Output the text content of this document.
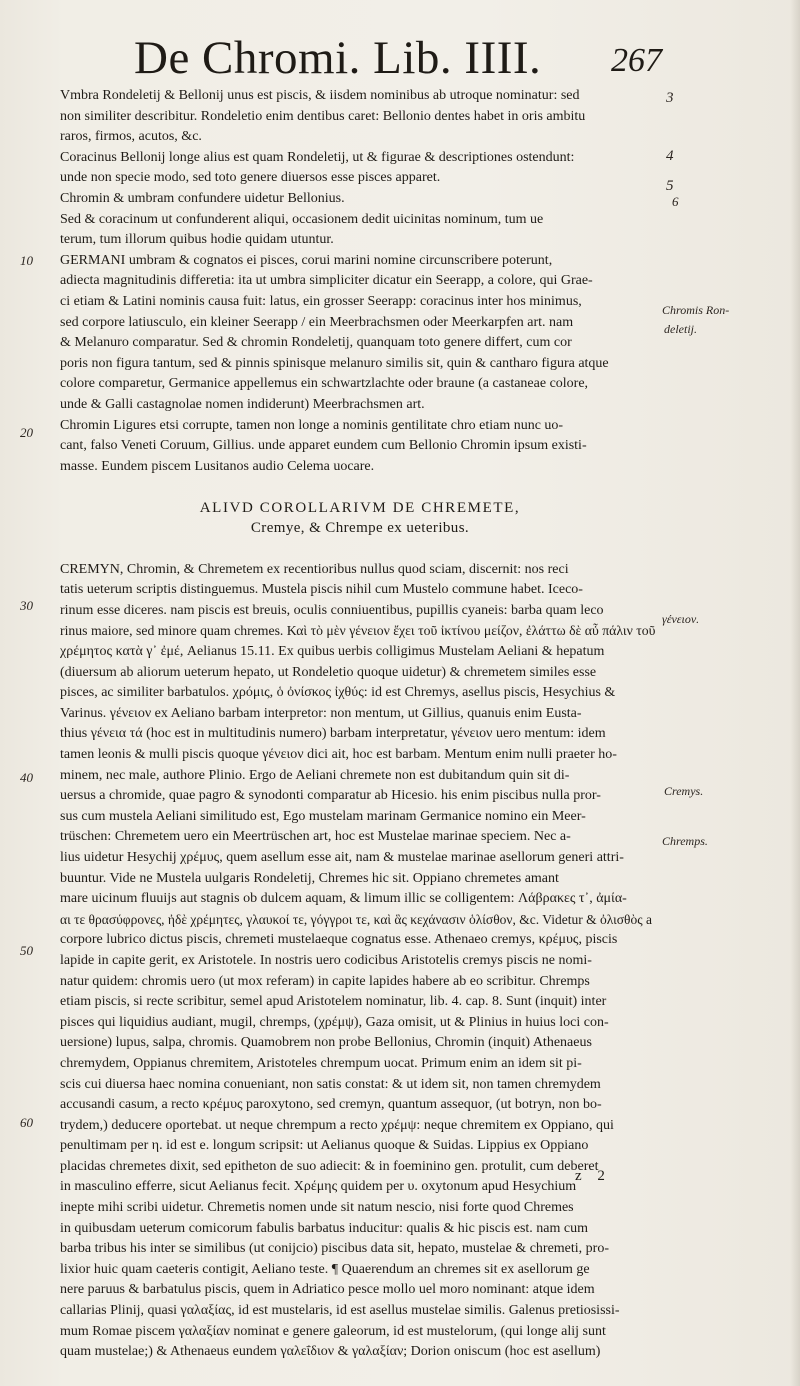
De Chromi. Lib. IIII. 267
Vmbra Rondeletij & Bellonij unus est piscis, & iisdem nominibus ab utroque nominatur: sed
non similiter describitur. Rondeletio enim dentibus caret: Bellonio dentes habet in oris ambitu
raros, firmos, acutos, &c.
Coracinus Bellonij longe alius est quam Rondeletij, ut & figurae & descriptiones ostendunt:
unde non specie modo, sed toto genere diuersos esse pisces apparet.
Chromin & umbram confundere uidetur Bellonius.
Sed & coracinum ut confunderent aliqui, occasionem dedit uicinitas nominum, tum ue
terum, tum illorum quibus hodie quidam utuntur.
GERMANI umbram & cognatos ei pisces, corui marini nomine circunscribere poterunt,
adiecta magnitudinis differetia: ita ut umbra simpliciter dicatur ein Seerapp, a colore, qui Grae-
ci etiam & Latini nominis causa fuit: latus, ein grosser Seerapp: coracinus inter hos minimus,
sed corpore latiusculo, ein kleiner Seerapp / ein Meerbrachsmen oder Meerkarpfen art. nam
& Melanuro comparatur. Sed & chromin Rondeletij, quanquam toto genere differt, cum cor
poris non figura tantum, sed & pinnis spinisque melanuro similis sit, quin & cantharo figura atque
colore comparetur, Germanice appellemus ein schwartzlachte oder braune (a castaneae colore,
unde & Galli castagnolae nomen indiderunt) Meerbrachsmen art.
Chromin Ligures etsi corrupte, tamen non longe a nominis gentilitate chro etiam nunc uo-
cant, falso Veneti Coruum, Gillius. unde apparet eundem cum Bellonio Chromin ipsum existi-
masse. Eundem piscem Lusitanos audio Celema uocare.
ALIVD COROLLARIVM DE CHREMETE,
Cremye, & Chrempe ex ueteribus.
CREMYN, Chromin, & Chremetem ex recentioribus nullus quod sciam, discernit: nos reci
tatis ueterum scriptis distinguemus. Mustela piscis nihil cum Mustelo commune habet. Iceco-
rinum esse diceres. nam piscis est breuis, oculis conniuentibus, pupillis cyaneis: barba quam leco
rinus maiore, sed minore quam chremes. Καὶ τὸ μὲν γένειον ἔχει τοῦ ἰκτίνου μείζον, ἐλάττω δὲ αὖ πάλιν τοῦ
χρέμητος κατὰ γ᾽ ἐμέ, Aelianus 15.11. Ex quibus uerbis colligimus Mustelam Aeliani & hepatum
(diuersum ab aliorum ueterum hepato, ut Rondeletio quoque uidetur) & chremetem similes esse
pisces, ac similiter barbatulos. χρόμις, ὁ ὀνίσκος ἰχθύς: id est Chremys, asellus piscis, Hesychius &
Varinus. γένειον ex Aeliano barbam interpretor: non mentum, ut Gillius, quanuis enim Eusta-
thius γένεια τά (hoc est in multitudinis numero) barbam interpretatur, γένειον uero mentum: idem
tamen leonis & mulli piscis quoque γένειον dici ait, hoc est barbam. Mentum enim nulli praeter ho-
minem, nec male, authore Plinio. Ergo de Aeliani chremete non est dubitandum quin sit di-
uersus a chromide, quae pagro & synodonti comparatur ab Hicesio. his enim piscibus nulla pror-
sus cum mustela Aeliani similitudo est, Ego mustelam marinam Germanice nomino ein Meer-
trüschen: Chremetem uero ein Meertrüschen art, hoc est Mustelae marinae speciem. Nec a-
lius uidetur Hesychij χρέμυς, quem asellum esse ait, nam & mustelae marinae asellorum generi attri-
buuntur. Vide ne Mustela uulgaris Rondeletij, Chremes hic sit. Oppiano chremetes amant
mare uicinum fluuijs aut stagnis ob dulcem aquam, & limum illic se colligentem: Λάβρακες τ᾽, ἀμία-
αι τε θρασύφρονες, ἠδὲ χρέμητες, γλαυκοί τε, γόγγροι τε, καὶ ἃς κεχάνασιν ὁλίσθον, &c. Videtur & ὀλισθὸς a
corpore lubrico dictus piscis, chremeti mustelaeque cognatus esse. Athenaeo cremys, κρέμυς, piscis
lapide in capite gerit, ex Aristotele. In nostris uero codicibus Aristotelis cremys piscis ne nomi-
natur quidem: chromis uero (ut mox referam) in capite lapides habere ab eo scribitur. Chremps
etiam piscis, si recte scribitur, semel apud Aristotelem nominatur, lib. 4. cap. 8. Sunt (inquit) inter
pisces qui liquidius audiant, mugil, chremps, (χρέμψ), Gaza omisit, ut & Plinius in huius loci con-
uersione) lupus, salpa, chromis. Quamobrem non probe Bellonius, Chromin (inquit) Athenaeus
chremydem, Oppianus chremitem, Aristoteles chrempum uocat. Primum enim an idem sit pi-
scis cui diuersa haec nomina conueniant, non satis constat: & ut idem sit, non tamen chremydem
accusandi casum, a recto κρέμυς paroxytono, sed cremyn, quantum assequor, (ut botryn, non bo-
trydem,) deducere oportebat. ut neque chrempum a recto χρέμψ: neque chremitem ex Oppiano, qui
penultimam per η. id est e. longum scripsit: ut Aelianus quoque & Suidas. Lippius ex Oppiano
placidas chremetes dixit, sed epitheton de suo adiecit: & in foeminino gen. protulit, cum deberet
in masculino efferre, sicut Aelianus fecit. Χρέμης quidem per υ. oxytonum apud Hesychium
inepte mihi scribi uidetur. Chremetis nomen unde sit natum nescio, nisi forte quod Chremes
in quibusdam ueterum comicorum fabulis barbatus inducitur: qualis & hic piscis est. nam cum
barba tribus his inter se similibus (ut conijcio) piscibus data sit, hepato, mustelae & chremeti, pro-
lixior huic quam caeteris contigit, Aeliano teste. ¶ Quaerendum an chremes sit ex asellorum ge
nere paruus & barbatulus piscis, quem in Adriatico pesce mollo uel moro nominant: atque idem
callarias Plinij, quasi γαλαξίας, id est mustelaris, id est asellus mustelae similis. Galenus pretiosissi-
mum Romae piscem γαλαξίαν nominat e genere galeorum, id est mustelorum, (qui longe alij sunt
quam mustelae;) & Athenaeus eundem γαλεΐδιον & γαλαξίαν; Dorion oniscum (hoc est asellum)
3
4
5
6
Chromis Ron-
deletij.
γένειον.
Cremys.
Chremps.
10
20
30
40
50
60
z 2
